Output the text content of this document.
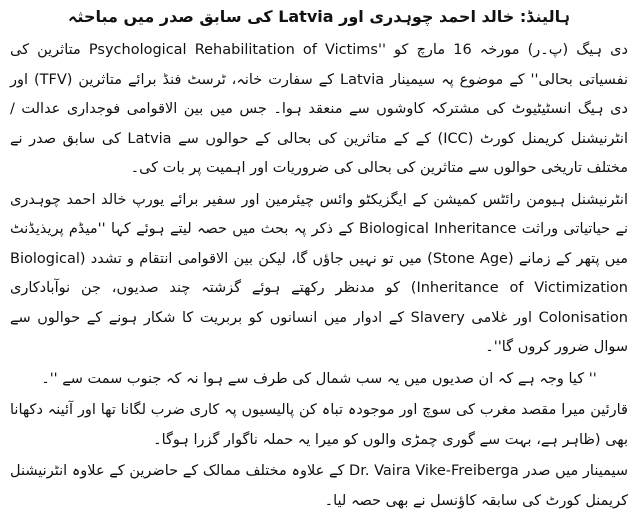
ہالینڈ: خالد احمد چوہدری اور Latvia کی سابق صدر میں مباحثہ

دی ہیگ (پ۔ر) مورخہ 16 مارچ کو ''Psychological Rehabilitation of Victims متاثرین کی نفسیاتی بحالی'' کے موضوع پہ سیمینار Latvia کے سفارت خانہ، ٹرسٹ فنڈ برائے متاثرین (TFV) اور دی ہیگ انسٹیٹیوٹ کی مشترکہ کاوشوں سے منعقد ہوا۔ جس میں بین الاقوامی فوجداری عدالت / انٹرنیشنل کریمنل کورٹ (ICC) کے کے متاثرین کی بحالی کے حوالوں سے Latvia کی سابق صدر نے مختلف تاریخی حوالوں سے متاثرین کی بحالی کی ضروریات اور اہمیت پر بات کی۔

انٹرنیشنل ہیومن رائٹس کمیشن کے ایگزیکٹو وائس چیئرمین اور سفیر برائے یورپ خالد احمد چوہدری نے حیاتیاتی وراثت Biological Inheritance کے ذکر پہ بحث میں حصہ لیتے ہوئے کہا ''میڈم پریذیڈنٹ میں پتھر کے زمانے (Stone Age) میں تو نہیں جاؤں گا، لیکن بین الاقوامی انتقام و تشدد (Biological Inheritance of Victimization) کو مدنظر رکھتے ہوئے گزشتہ چند صدیوں، جن نوآبادکاری Colonisation اور غلامی Slavery کے ادوار میں انسانوں کو بربریت کا شکار ہونے کے حوالوں سے سوال ضرور کروں گا''۔

'' کیا وجہ ہے کہ ان صدیوں میں یہ سب شمال کی طرف سے ہوا نہ کہ جنوب سمت سے ''۔

قارئین میرا مقصد مغرب کی سوچ اور موجودہ تباہ کن پالیسیوں پہ کاری ضرب لگانا تھا اور آئینہ دکھانا بھی (ظاہر ہے، بہت سے گوری چمڑی والوں کو میرا یہ حملہ ناگوار گزرا ہوگا۔

سیمینار میں صدر Dr. Vaira Vike-Freiberga کے علاوہ مختلف ممالک کے حاضرین کے علاوہ انٹرنیشنل کریمنل کورٹ کی سابقہ کاؤنسل نے بھی حصہ لیا۔
